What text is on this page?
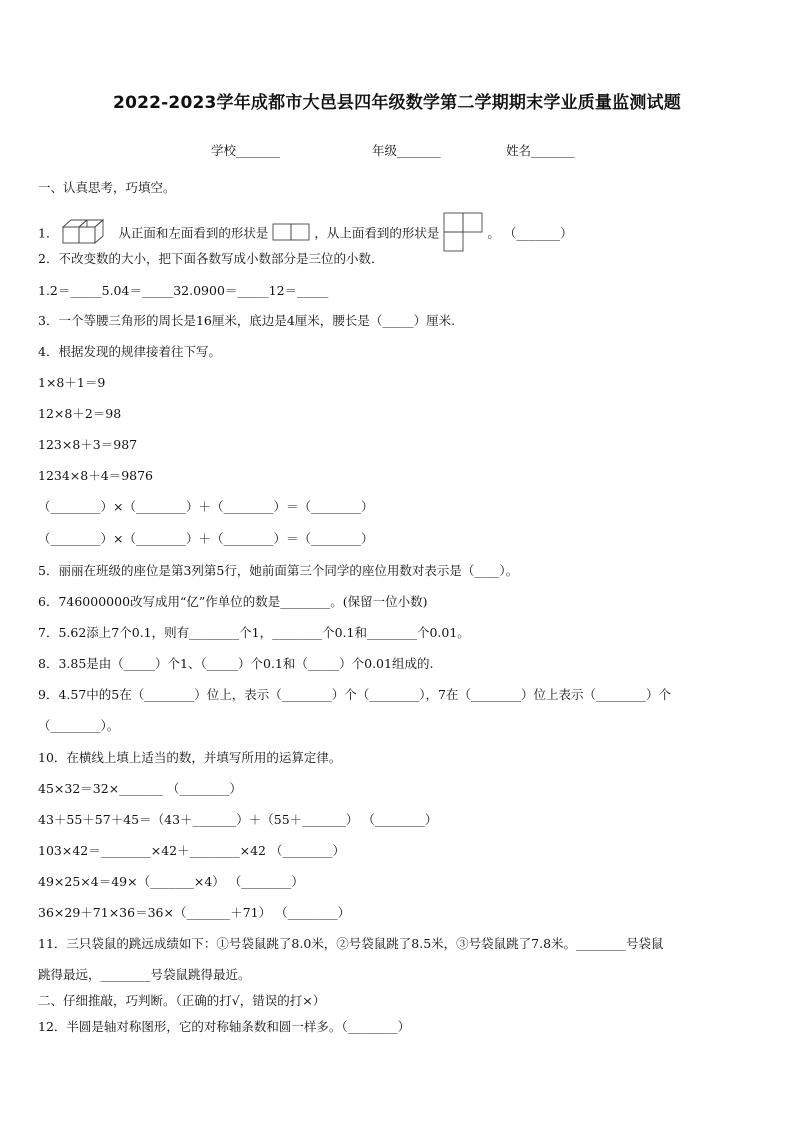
2022-2023学年成都市大邑县四年级数学第二学期期末学业质量监测试题
学校_______	年级_______	姓名_______
一、认真思考，巧填空。
1．	从正面和左面看到的形状是	，从上面看到的形状是	。 （_______）
2．不改变数的大小，把下面各数写成小数部分是三位的小数．
1.2＝_____5.04＝_____32.0900＝_____12＝_____
3．一个等腰三角形的周长是16厘米，底边是4厘米，腰长是（_____）厘米.
4．根据发现的规律接着往下写。
1×8＋1＝9
12×8＋2＝98
123×8＋3＝987
1234×8＋4＝9876
（________）×（________）＋（________）＝（________）
（________）×（________）＋（________）＝（________）
5．丽丽在班级的座位是第3列第5行，她前面第三个同学的座位用数对表示是（____）。
6．746000000改写成用“亿”作单位的数是________。(保留一位小数)
7．5.62添上7个0.1，则有________个1，________个0.1和________个0.01。
8．3.85是由（_____）个1、（_____）个0.1和（_____）个0.01组成的.
9．4.57中的5在（________）位上，表示（________）个（________），7在（________）位上表示（________）个
（________）。
10．在横线上填上适当的数，并填写所用的运算定律。
45×32＝32×_______ （________）
43＋55＋57＋45＝（43＋_______）＋（55＋_______） （________）
103×42＝________×42＋________×42 （________）
49×25×4＝49×（_______×4） （________）
36×29＋71×36＝36×（_______＋71） （________）
11．三只袋鼠的跳远成绩如下：①号袋鼠跳了8.0米，②号袋鼠跳了8.5米，③号袋鼠跳了7.8米。________号袋鼠
跳得最远，________号袋鼠跳得最近。
二、仔细推敲，巧判断。（正确的打√，错误的打×）
12．半圆是轴对称图形，它的对称轴条数和圆一样多。（________）
